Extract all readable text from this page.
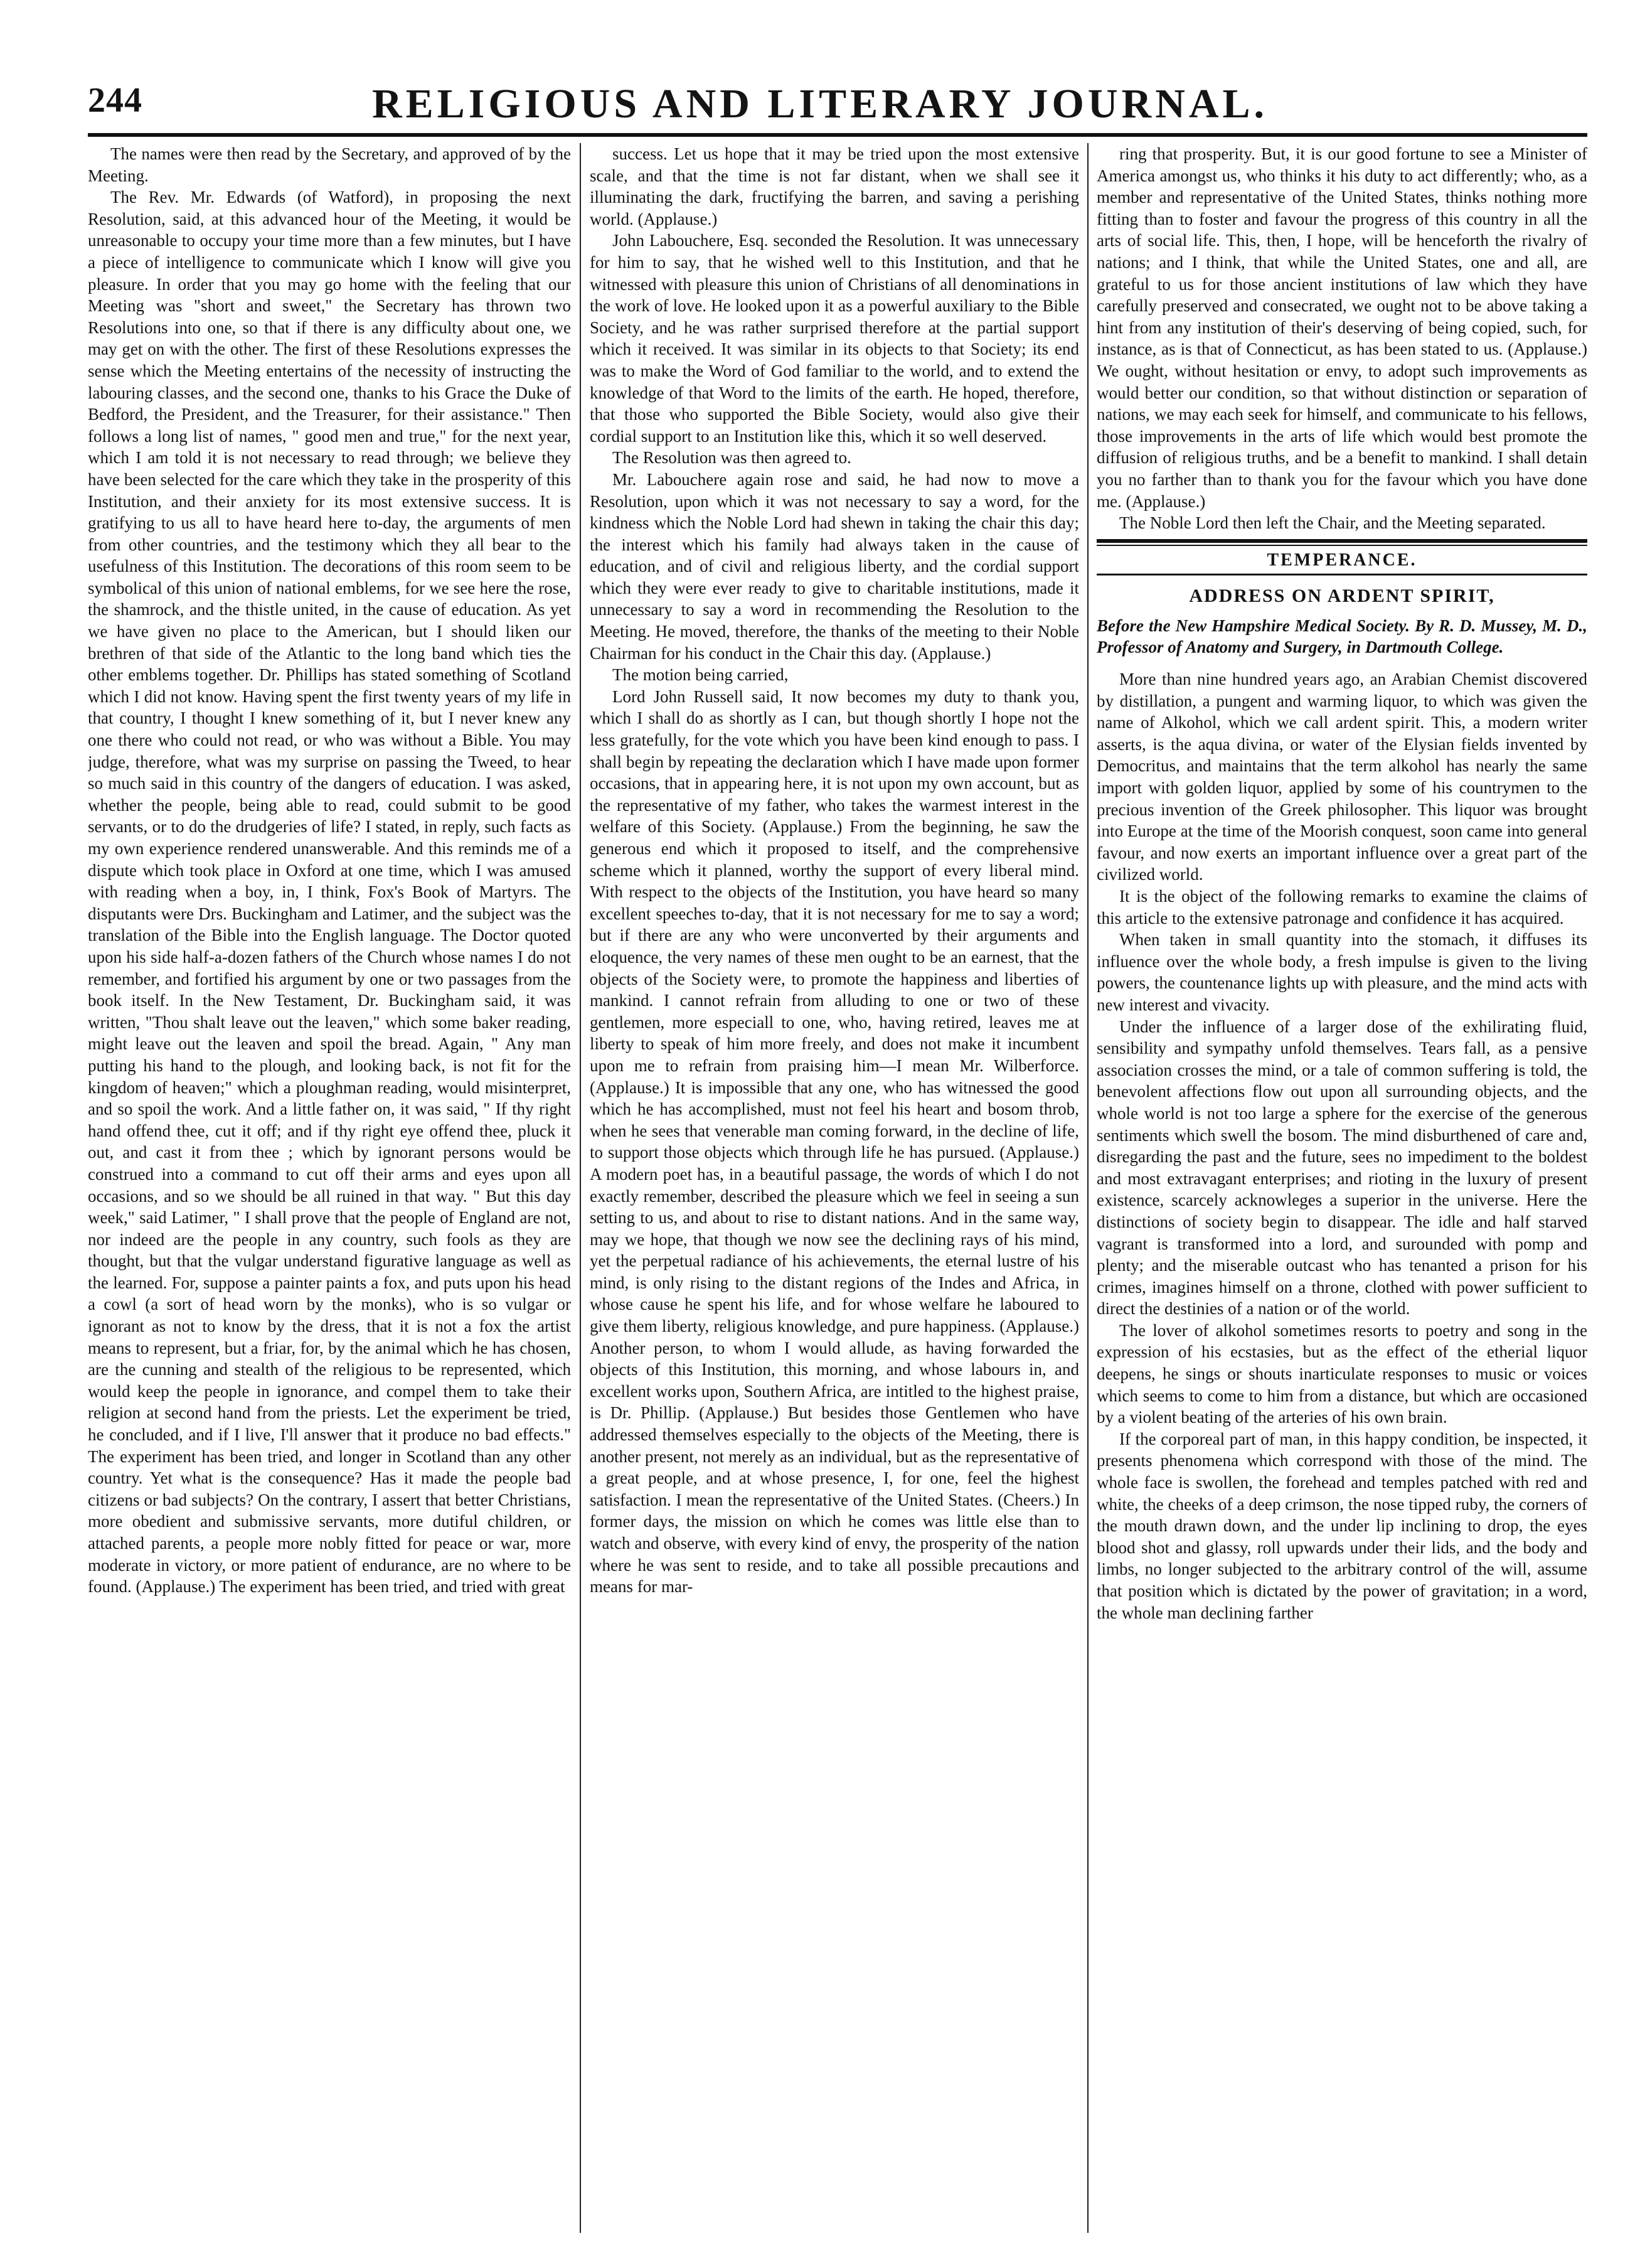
244	RELIGIOUS AND LITERARY JOURNAL.

The names were then read by the Secretary, and approved of by the Meeting.

The Rev. Mr. Edwards (of Watford), in proposing the next Resolution, said, at this advanced hour of the Meeting, it would be unreasonable to occupy your time more than a few minutes, but I have a piece of intelligence to communicate which I know will give you pleasure. In order that you may go home with the feeling that our Meeting was "short and sweet," the Secretary has thrown two Resolutions into one, so that if there is any difficulty about one, we may get on with the other. The first of these Resolutions expresses the sense which the Meeting entertains of the necessity of instructing the labouring classes, and the second one, thanks to his Grace the Duke of Bedford, the President, and the Treasurer, for their assistance." Then follows a long list of names, " good men and true," for the next year, which I am told it is not necessary to read through; we believe they have been selected for the care which they take in the prosperity of this Institution, and their anxiety for its most extensive success. It is gratifying to us all to have heard here to-day, the arguments of men from other countries, and the testimony which they all bear to the usefulness of this Institution. The decorations of this room seem to be symbolical of this union of national emblems, for we see here the rose, the shamrock, and the thistle united, in the cause of education. As yet we have given no place to the American, but I should liken our brethren of that side of the Atlantic to the long band which ties the other emblems together. Dr. Phillips has stated something of Scotland which I did not know. Having spent the first twenty years of my life in that country, I thought I knew something of it, but I never knew any one there who could not read, or who was without a Bible. You may judge, therefore, what was my surprise on passing the Tweed, to hear so much said in this country of the dangers of education. I was asked, whether the people, being able to read, could submit to be good servants, or to do the drudgeries of life? I stated, in reply, such facts as my own experience rendered unanswerable. And this reminds me of a dispute which took place in Oxford at one time, which I was amused with reading when a boy, in, I think, Fox's Book of Martyrs. The disputants were Drs. Buckingham and Latimer, and the subject was the translation of the Bible into the English language. The Doctor quoted upon his side half-a-dozen fathers of the Church whose names I do not remember, and fortified his argument by one or two passages from the book itself. In the New Testament, Dr. Buckingham said, it was written, "Thou shalt leave out the leaven," which some baker reading, might leave out the leaven and spoil the bread. Again, " Any man putting his hand to the plough, and looking back, is not fit for the kingdom of heaven;" which a ploughman reading, would misinterpret, and so spoil the work. And a little father on, it was said, " If thy right hand offend thee, cut it off; and if thy right eye offend thee, pluck it out, and cast it from thee ; which by ignorant persons would be construed into a command to cut off their arms and eyes upon all occasions, and so we should be all ruined in that way. " But this day week," said Latimer, " I shall prove that the people of England are not, nor indeed are the people in any country, such fools as they are thought, but that the vulgar understand figurative language as well as the learned. For, suppose a painter paints a fox, and puts upon his head a cowl (a sort of head worn by the monks), who is so vulgar or ignorant as not to know by the dress, that it is not a fox the artist means to represent, but a friar, for, by the animal which he has chosen, are the cunning and stealth of the religious to be represented, which would keep the people in ignorance, and compel them to take their religion at second hand from the priests. Let the experiment be tried, he concluded, and if I live, I'll answer that it produce no bad effects." The experiment has been tried, and longer in Scotland than any other country. Yet what is the consequence? Has it made the people bad citizens or bad subjects? On the contrary, I assert that better Christians, more obedient and submissive servants, more dutiful children, or attached parents, a people more nobly fitted for peace or war, more moderate in victory, or more patient of endurance, are no where to be found. (Applause.) The experiment has been tried, and tried with great

success. Let us hope that it may be tried upon the most extensive scale, and that the time is not far distant, when we shall see it illuminating the dark, fructifying the barren, and saving a perishing world. (Applause.)

John Labouchere, Esq. seconded the Resolution. It was unnecessary for him to say, that he wished well to this Institution, and that he witnessed with pleasure this union of Christians of all denominations in the work of love. He looked upon it as a powerful auxiliary to the Bible Society, and he was rather surprised therefore at the partial support which it received. It was similar in its objects to that Society; its end was to make the Word of God familiar to the world, and to extend the knowledge of that Word to the limits of the earth. He hoped, therefore, that those who supported the Bible Society, would also give their cordial support to an Institution like this, which it so well deserved.

The Resolution was then agreed to.

Mr. Labouchere again rose and said, he had now to move a Resolution, upon which it was not necessary to say a word, for the kindness which the Noble Lord had shewn in taking the chair this day; the interest which his family had always taken in the cause of education, and of civil and religious liberty, and the cordial support which they were ever ready to give to charitable institutions, made it unnecessary to say a word in recommending the Resolution to the Meeting. He moved, therefore, the thanks of the meeting to their Noble Chairman for his conduct in the Chair this day. (Applause.)

The motion being carried,

Lord John Russell said, It now becomes my duty to thank you, which I shall do as shortly as I can, but though shortly I hope not the less gratefully, for the vote which you have been kind enough to pass. I shall begin by repeating the declaration which I have made upon former occasions, that in appearing here, it is not upon my own account, but as the representative of my father, who takes the warmest interest in the welfare of this Society. (Applause.) From the beginning, he saw the generous end which it proposed to itself, and the comprehensive scheme which it planned, worthy the support of every liberal mind. With respect to the objects of the Institution, you have heard so many excellent speeches to-day, that it is not necessary for me to say a word; but if there are any who were unconverted by their arguments and eloquence, the very names of these men ought to be an earnest, that the objects of the Society were, to promote the happiness and liberties of mankind. I cannot refrain from alluding to one or two of these gentlemen, more especiall to one, who, having retired, leaves me at liberty to speak of him more freely, and does not make it incumbent upon me to refrain from praising him—I mean Mr. Wilberforce. (Applause.) It is impossible that any one, who has witnessed the good which he has accomplished, must not feel his heart and bosom throb, when he sees that venerable man coming forward, in the decline of life, to support those objects which through life he has pursued. (Applause.) A modern poet has, in a beautiful passage, the words of which I do not exactly remember, described the pleasure which we feel in seeing a sun setting to us, and about to rise to distant nations. And in the same way, may we hope, that though we now see the declining rays of his mind, yet the perpetual radiance of his achievements, the eternal lustre of his mind, is only rising to the distant regions of the Indes and Africa, in whose cause he spent his life, and for whose welfare he laboured to give them liberty, religious knowledge, and pure happiness. (Applause.) Another person, to whom I would allude, as having forwarded the objects of this Institution, this morning, and whose labours in, and excellent works upon, Southern Africa, are intitled to the highest praise, is Dr. Phillip. (Applause.) But besides those Gentlemen who have addressed themselves especially to the objects of the Meeting, there is another present, not merely as an individual, but as the representative of a great people, and at whose presence, I, for one, feel the highest satisfaction. I mean the representative of the United States. (Cheers.) In former days, the mission on which he comes was little else than to watch and observe, with every kind of envy, the prosperity of the nation where he was sent to reside, and to take all possible precautions and means for mar-

ring that prosperity. But, it is our good fortune to see a Minister of America amongst us, who thinks it his duty to act differently; who, as a member and representative of the United States, thinks nothing more fitting than to foster and favour the progress of this country in all the arts of social life. This, then, I hope, will be henceforth the rivalry of nations; and I think, that while the United States, one and all, are grateful to us for those ancient institutions of law which they have carefully preserved and consecrated, we ought not to be above taking a hint from any institution of their's deserving of being copied, such, for instance, as is that of Connecticut, as has been stated to us. (Applause.) We ought, without hesitation or envy, to adopt such improvements as would better our condition, so that without distinction or separation of nations, we may each seek for himself, and communicate to his fellows, those improvements in the arts of life which would best promote the diffusion of religious truths, and be a benefit to mankind. I shall detain you no farther than to thank you for the favour which you have done me. (Applause.)

The Noble Lord then left the Chair, and the Meeting separated.

TEMPERANCE.
ADDRESS ON ARDENT SPIRIT,

Before the New Hampshire Medical Society. By R. D. Mussey, M. D., Professor of Anatomy and Surgery, in Dartmouth College.

More than nine hundred years ago, an Arabian Chemist discovered by distillation, a pungent and warming liquor, to which was given the name of Alkohol, which we call ardent spirit. This, a modern writer asserts, is the aqua divina, or water of the Elysian fields invented by Democritus, and maintains that the term alkohol has nearly the same import with golden liquor, applied by some of his countrymen to the precious invention of the Greek philosopher. This liquor was brought into Europe at the time of the Moorish conquest, soon came into general favour, and now exerts an important influence over a great part of the civilized world.

It is the object of the following remarks to examine the claims of this article to the extensive patronage and confidence it has acquired.

When taken in small quantity into the stomach, it diffuses its influence over the whole body, a fresh impulse is given to the living powers, the countenance lights up with pleasure, and the mind acts with new interest and vivacity.

Under the influence of a larger dose of the exhilirating fluid, sensibility and sympathy unfold themselves. Tears fall, as a pensive association crosses the mind, or a tale of common suffering is told, the benevolent affections flow out upon all surrounding objects, and the whole world is not too large a sphere for the exercise of the generous sentiments which swell the bosom. The mind disburthened of care and, disregarding the past and the future, sees no impediment to the boldest and most extravagant enterprises; and rioting in the luxury of present existence, scarcely acknowleges a superior in the universe. Here the distinctions of society begin to disappear. The idle and half starved vagrant is transformed into a lord, and surounded with pomp and plenty; and the miserable outcast who has tenanted a prison for his crimes, imagines himself on a throne, clothed with power sufficient to direct the destinies of a nation or of the world.

The lover of alkohol sometimes resorts to poetry and song in the expression of his ecstasies, but as the effect of the etherial liquor deepens, he sings or shouts inarticulate responses to music or voices which seems to come to him from a distance, but which are occasioned by a violent beating of the arteries of his own brain.

If the corporeal part of man, in this happy condition, be inspected, it presents phenomena which correspond with those of the mind. The whole face is swollen, the forehead and temples patched with red and white, the cheeks of a deep crimson, the nose tipped ruby, the corners of the mouth drawn down, and the under lip inclining to drop, the eyes blood shot and glassy, roll upwards under their lids, and the body and limbs, no longer subjected to the arbitrary control of the will, assume that position which is dictated by the power of gravitation; in a word, the whole man declining farther
